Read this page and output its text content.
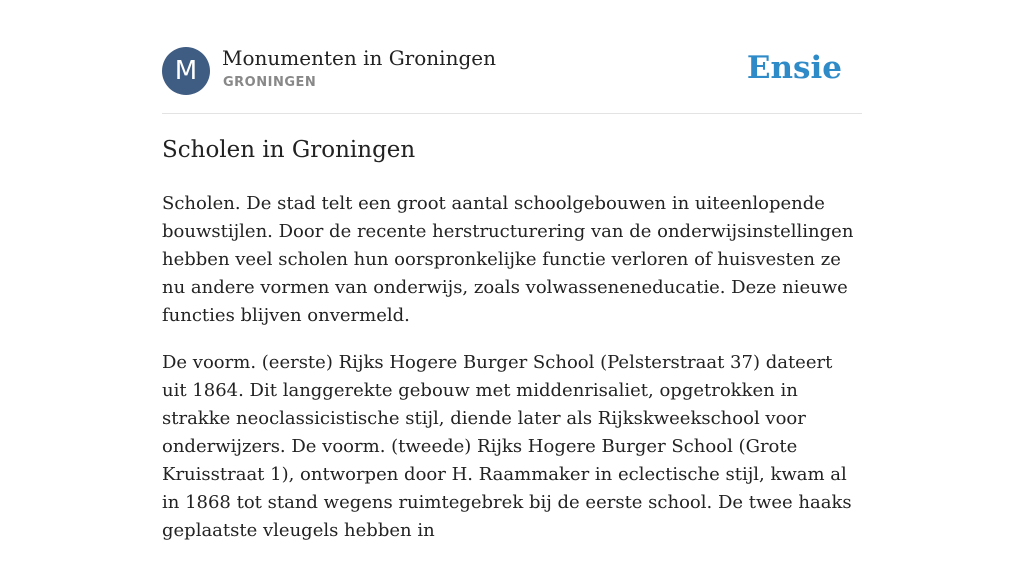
M	Monumenten in Groningen
GRONINGEN	Ensie
Scholen in Groningen

Scholen. De stad telt een groot aantal schoolgebouwen in uiteenlopende bouwstijlen. Door de recente herstructurering van de onderwijsinstellingen hebben veel scholen hun oorspronkelijke functie verloren of huisvesten ze nu andere vormen van onderwijs, zoals volwasseneneducatie. Deze nieuwe functies blijven onvermeld.

De voorm. (eerste) Rijks Hogere Burger School (Pelsterstraat 37) dateert uit 1864. Dit langgerekte gebouw met middenrisaliet, opgetrokken in strakke neoclassicistische stijl, diende later als Rijkskweekschool voor onderwijzers. De voorm. (tweede) Rijks Hogere Burger School (Grote Kruisstraat 1), ontworpen door H. Raammaker in eclectische stijl, kwam al in 1868 tot stand wegens ruimtegebrek bij de eerste school. De twee haaks geplaatste vleugels hebben in
